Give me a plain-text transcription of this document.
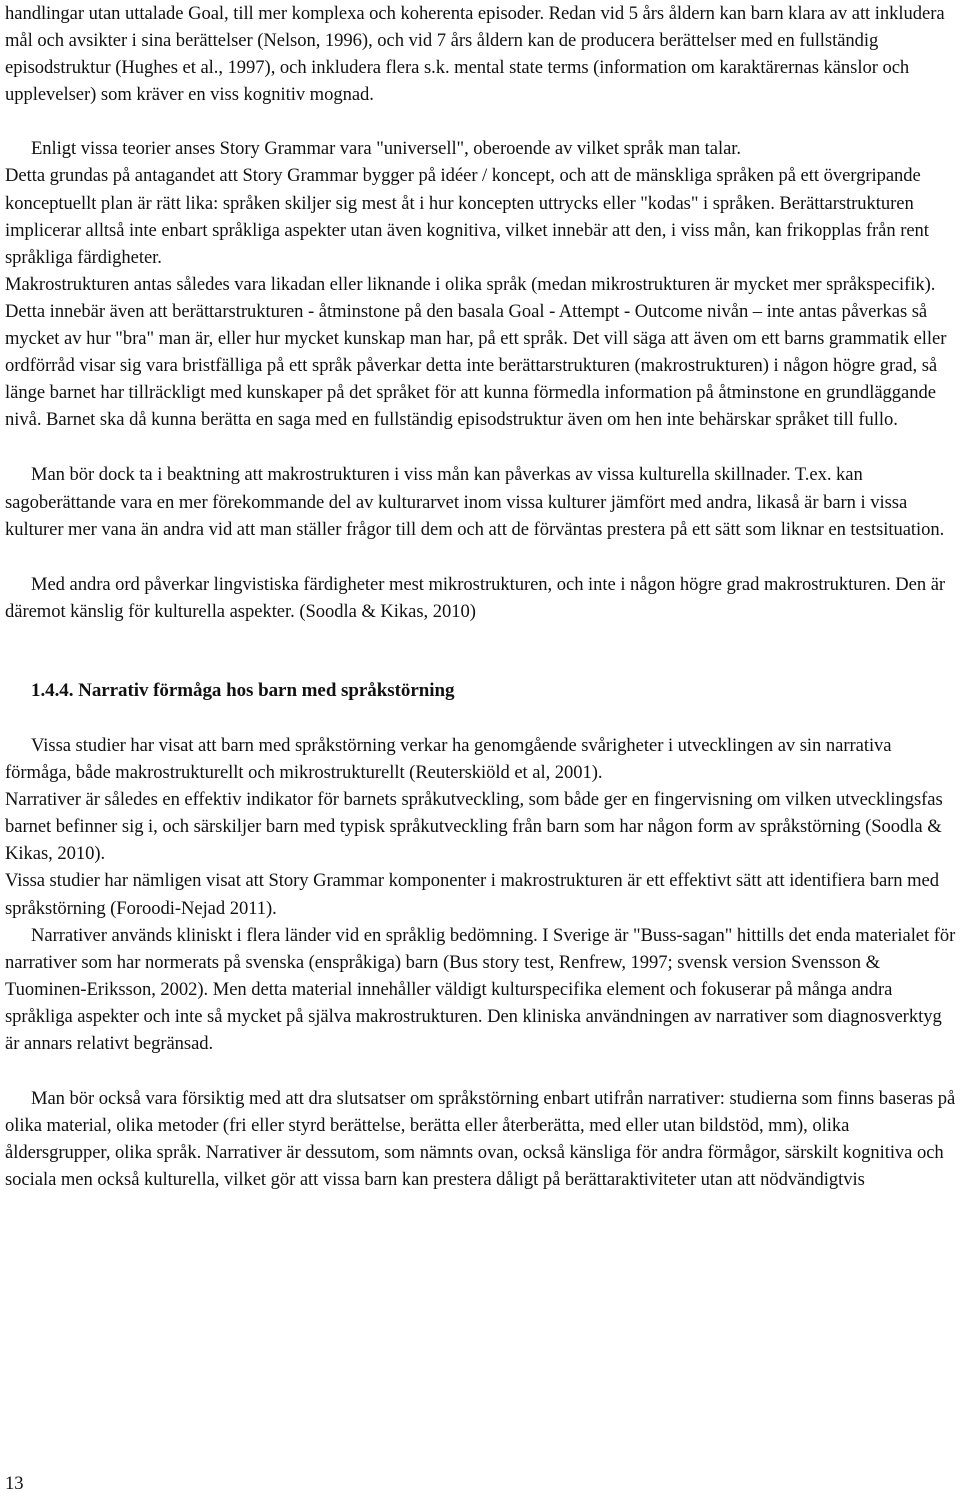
handlingar utan uttalade Goal, till mer komplexa och koherenta episoder. Redan vid 5 års åldern kan barn klara av att inkludera mål och avsikter i sina berättelser (Nelson, 1996), och vid 7 års åldern kan de producera berättelser med en fullständig episodstruktur (Hughes et al., 1997), och inkludera flera s.k. mental state terms (information om karaktärernas känslor och upplevelser) som kräver en viss kognitiv mognad.

Enligt vissa teorier anses Story Grammar vara "universell", oberoende av vilket språk man talar.

Detta grundas på antagandet att Story Grammar bygger på idéer / koncept, och att de mänskliga språken på ett övergripande konceptuellt plan är rätt lika: språken skiljer sig mest åt i hur koncepten uttrycks eller "kodas" i språken. Berättarstrukturen implicerar alltså inte enbart språkliga aspekter utan även kognitiva, vilket innebär att den, i viss mån, kan frikopplas från rent språkliga färdigheter.

Makrostrukturen antas således vara likadan eller liknande i olika språk (medan mikrostrukturen är mycket mer språkspecifik).

Detta innebär även att berättarstrukturen - åtminstone på den basala Goal - Attempt - Outcome nivån – inte antas påverkas så mycket av hur "bra" man är, eller hur mycket kunskap man har, på ett språk. Det vill säga att även om ett barns grammatik eller ordförråd visar sig vara bristfälliga på ett språk påverkar detta inte berättarstrukturen (makrostrukturen) i någon högre grad, så länge barnet har tillräckligt med kunskaper på det språket för att kunna förmedla information på åtminstone en grundläggande nivå. Barnet ska då kunna berätta en saga med en fullständig episodstruktur även om hen inte behärskar språket till fullo.

Man bör dock ta i beaktning att makrostrukturen i viss mån kan påverkas av vissa kulturella skillnader. T.ex. kan sagoberättande vara en mer förekommande del av kulturarvet inom vissa kulturer jämfört med andra, likaså är barn i vissa kulturer mer vana än andra vid att man ställer frågor till dem och att de förväntas prestera på ett sätt som liknar en testsituation.

Med andra ord påverkar lingvistiska färdigheter mest mikrostrukturen, och inte i någon högre grad makrostrukturen. Den är däremot känslig för kulturella aspekter. (Soodla & Kikas, 2010)

1.4.4. Narrativ förmåga hos barn med språkstörning

Vissa studier har visat att barn med språkstörning verkar ha genomgående svårigheter i utvecklingen av sin narrativa förmåga, både makrostrukturellt och mikrostrukturellt (Reuterskiöld et al, 2001).

Narrativer är således en effektiv indikator för barnets språkutveckling, som både ger en fingervisning om vilken utvecklingsfas barnet befinner sig i, och särskiljer barn med typisk språkutveckling från barn som har någon form av språkstörning (Soodla & Kikas, 2010).

Vissa studier har nämligen visat att Story Grammar komponenter i makrostrukturen är ett effektivt sätt att identifiera barn med språkstörning (Foroodi-Nejad 2011).

Narrativer används kliniskt i flera länder vid en språklig bedömning. I Sverige är "Buss-sagan" hittills det enda materialet för narrativer som har normerats på svenska (enspråkiga) barn (Bus story test, Renfrew, 1997; svensk version Svensson & Tuominen-Eriksson, 2002). Men detta material innehåller väldigt kulturspecifika element och fokuserar på många andra språkliga aspekter och inte så mycket på själva makrostrukturen. Den kliniska användningen av narrativer som diagnosverktyg är annars relativt begränsad.

Man bör också vara försiktig med att dra slutsatser om språkstörning enbart utifrån narrativer: studierna som finns baseras på olika material, olika metoder (fri eller styrd berättelse, berätta eller återberätta, med eller utan bildstöd, mm), olika åldersgrupper, olika språk. Narrativer är dessutom, som nämnts ovan, också känsliga för andra förmågor, särskilt kognitiva och sociala men också kulturella, vilket gör att vissa barn kan prestera dåligt på berättaraktiviteter utan att nödvändigtvis

13
